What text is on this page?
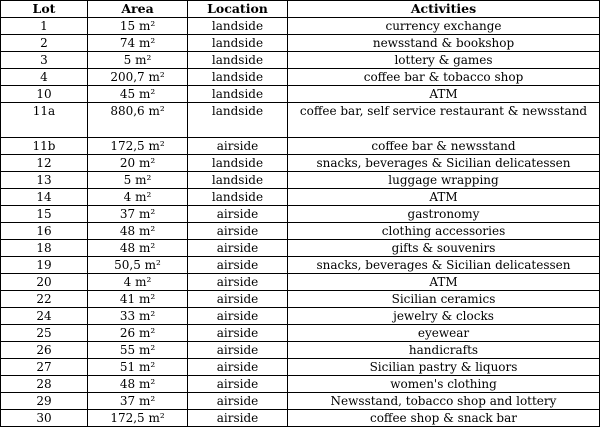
Lot	Area	Location	Activities
1	15 m²	landside	currency exchange
2	74 m²	landside	newsstand & bookshop
3	5 m²	landside	lottery & games
4	200,7 m²	landside	coffee bar & tobacco shop
10	45 m²	landside	ATM
11a	880,6 m²	landside	coffee bar, self service restaurant & newsstand
11b	172,5 m²	airside	coffee bar & newsstand
12	20 m²	landside	snacks, beverages & Sicilian delicatessen
13	5 m²	landside	luggage wrapping
14	4 m²	landside	ATM
15	37 m²	airside	gastronomy
16	48 m²	airside	clothing accessories
18	48 m²	airside	gifts & souvenirs
19	50,5 m²	airside	snacks, beverages & Sicilian delicatessen
20	4 m²	airside	ATM
22	41 m²	airside	Sicilian ceramics
24	33 m²	airside	jewelry & clocks
25	26 m²	airside	eyewear
26	55 m²	airside	handicrafts
27	51 m²	airside	Sicilian pastry & liquors
28	48 m²	airside	women's clothing
29	37 m²	airside	Newsstand, tobacco shop and lottery
30	172,5 m²	airside	coffee shop & snack bar
